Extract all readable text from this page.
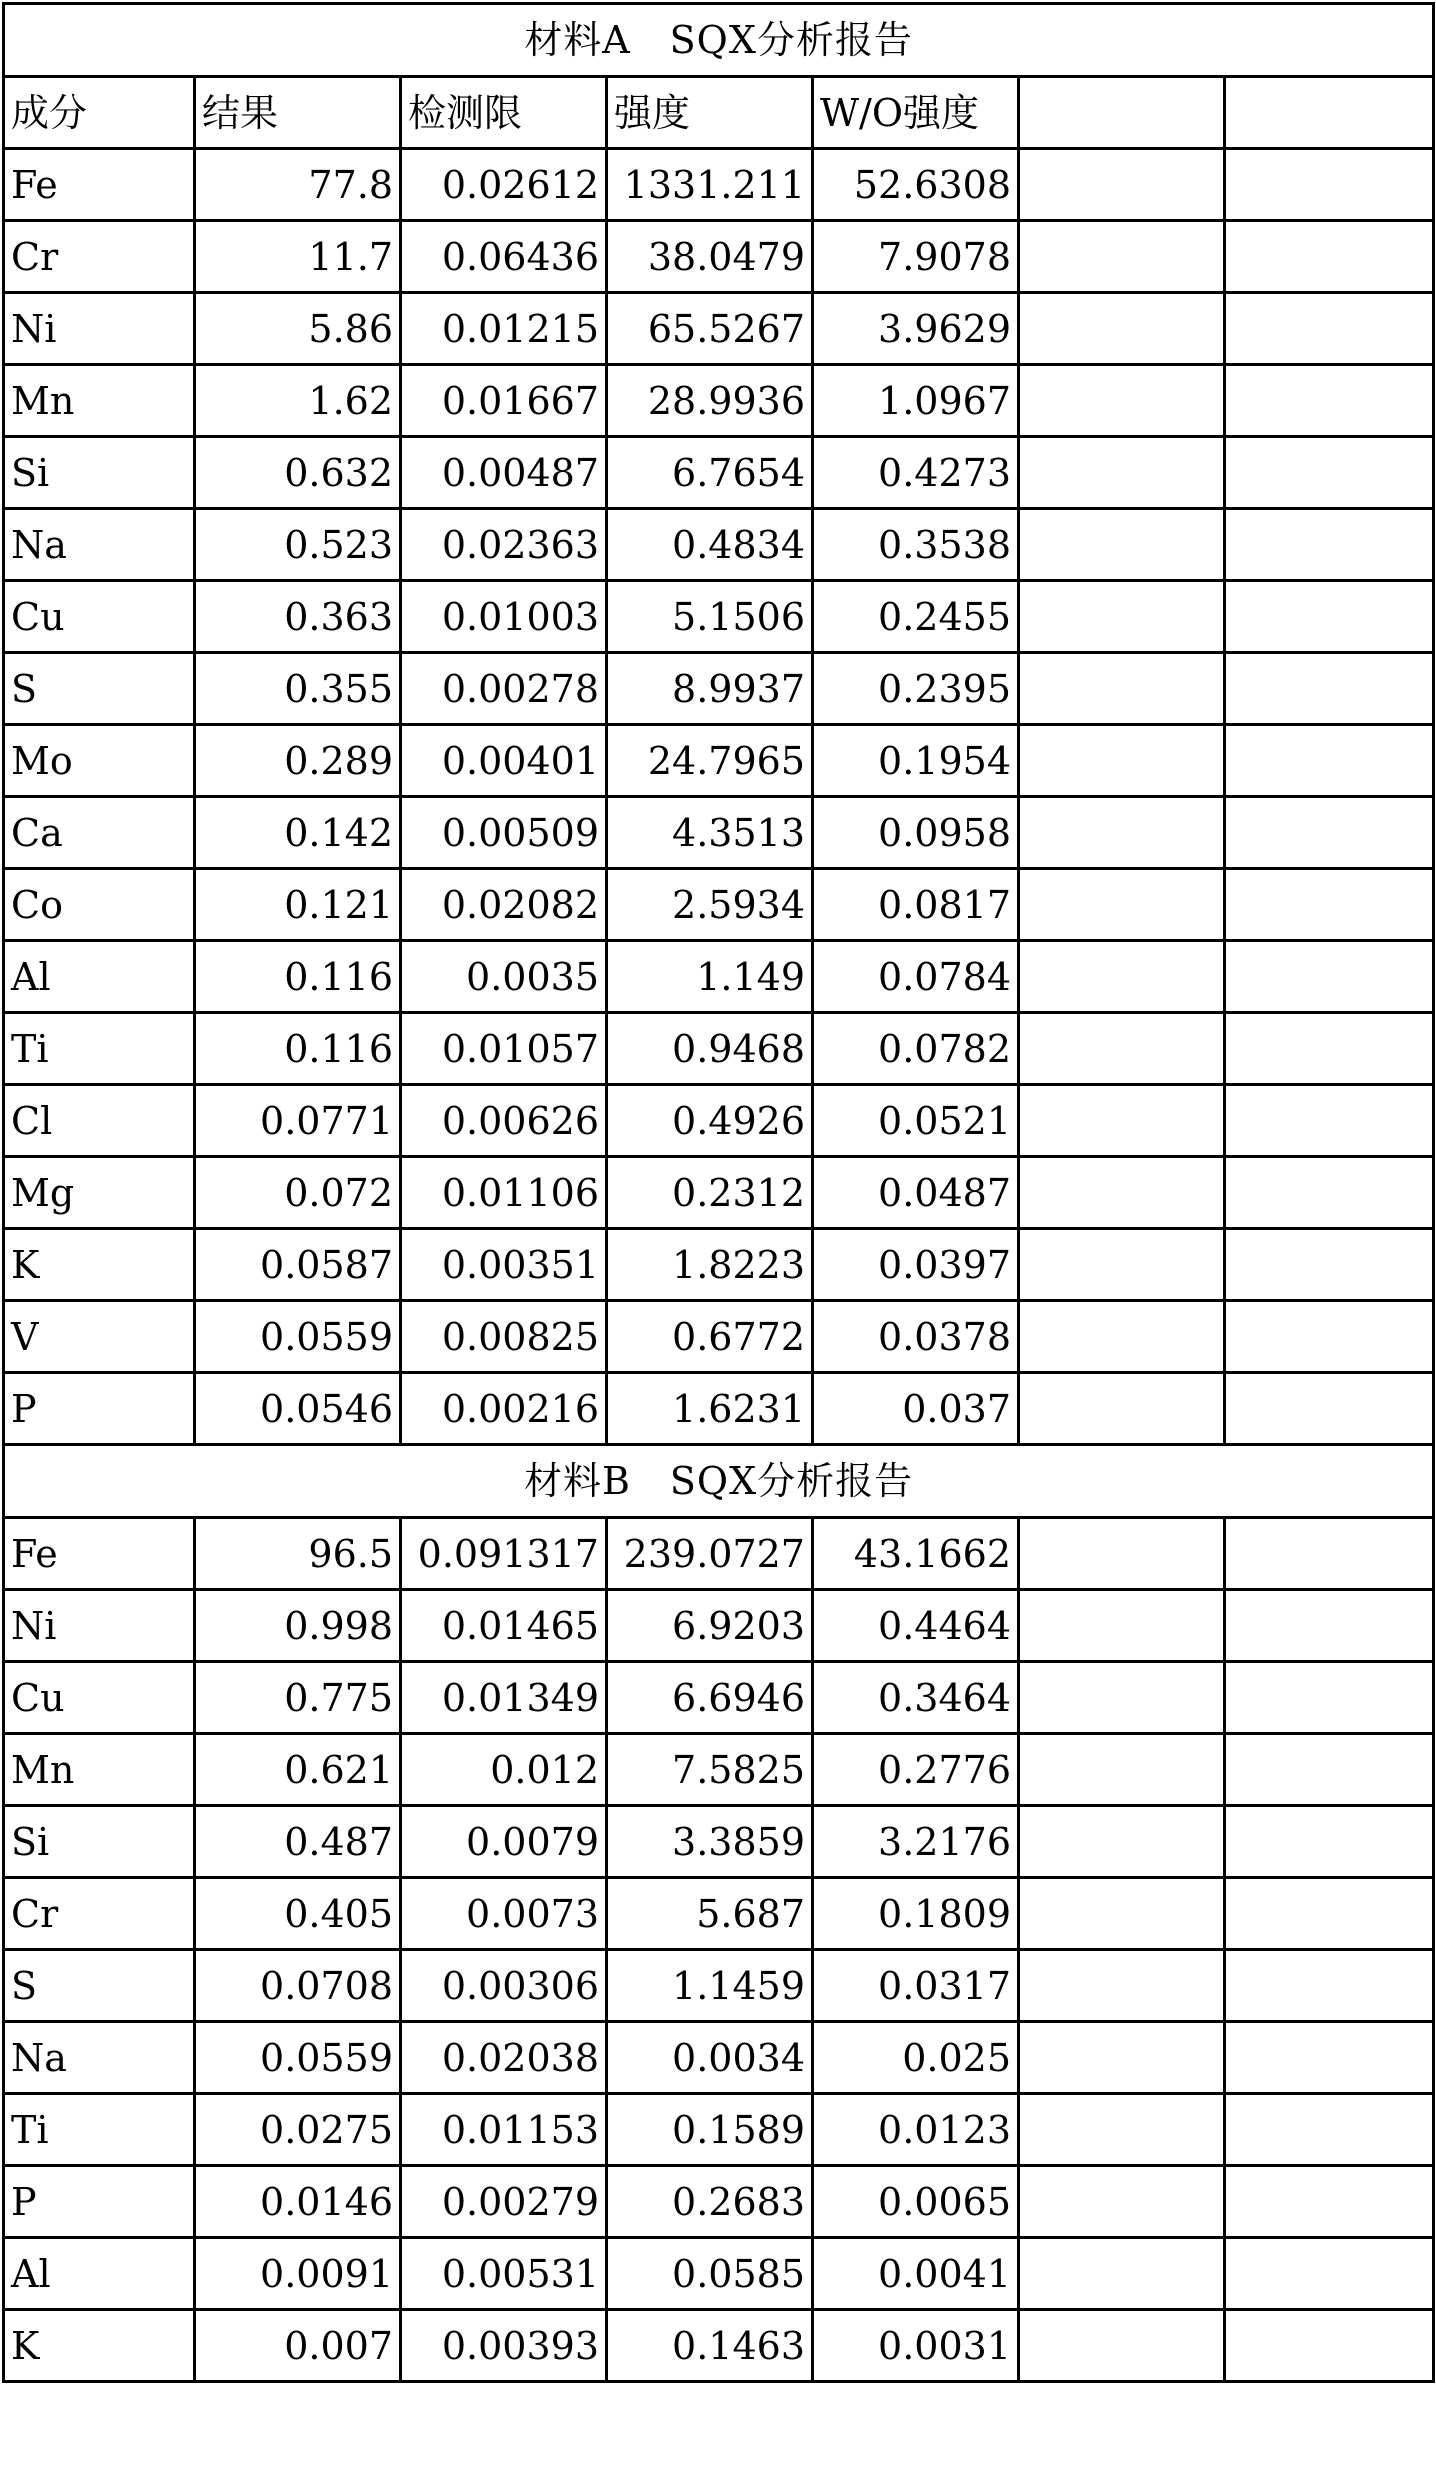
材料A　SQX分析报告						
成分	结果	检测限	强度	W/O强度		
Fe	77.8	0.02612	1331.211	52.6308		
Cr	11.7	0.06436	38.0479	7.9078		
Ni	5.86	0.01215	65.5267	3.9629		
Mn	1.62	0.01667	28.9936	1.0967		
Si	0.632	0.00487	6.7654	0.4273		
Na	0.523	0.02363	0.4834	0.3538		
Cu	0.363	0.01003	5.1506	0.2455		
S	0.355	0.00278	8.9937	0.2395		
Mo	0.289	0.00401	24.7965	0.1954		
Ca	0.142	0.00509	4.3513	0.0958		
Co	0.121	0.02082	2.5934	0.0817		
Al	0.116	0.0035	1.149	0.0784		
Ti	0.116	0.01057	0.9468	0.0782		
Cl	0.0771	0.00626	0.4926	0.0521		
Mg	0.072	0.01106	0.2312	0.0487		
K	0.0587	0.00351	1.8223	0.0397		
V	0.0559	0.00825	0.6772	0.0378		
P	0.0546	0.00216	1.6231	0.037		
材料B　SQX分析报告						
Fe	96.5	0.091317	239.0727	43.1662		
Ni	0.998	0.01465	6.9203	0.4464		
Cu	0.775	0.01349	6.6946	0.3464		
Mn	0.621	0.012	7.5825	0.2776		
Si	0.487	0.0079	3.3859	3.2176		
Cr	0.405	0.0073	5.687	0.1809		
S	0.0708	0.00306	1.1459	0.0317		
Na	0.0559	0.02038	0.0034	0.025		
Ti	0.0275	0.01153	0.1589	0.0123		
P	0.0146	0.00279	0.2683	0.0065		
Al	0.0091	0.00531	0.0585	0.0041		
K	0.007	0.00393	0.1463	0.0031		
